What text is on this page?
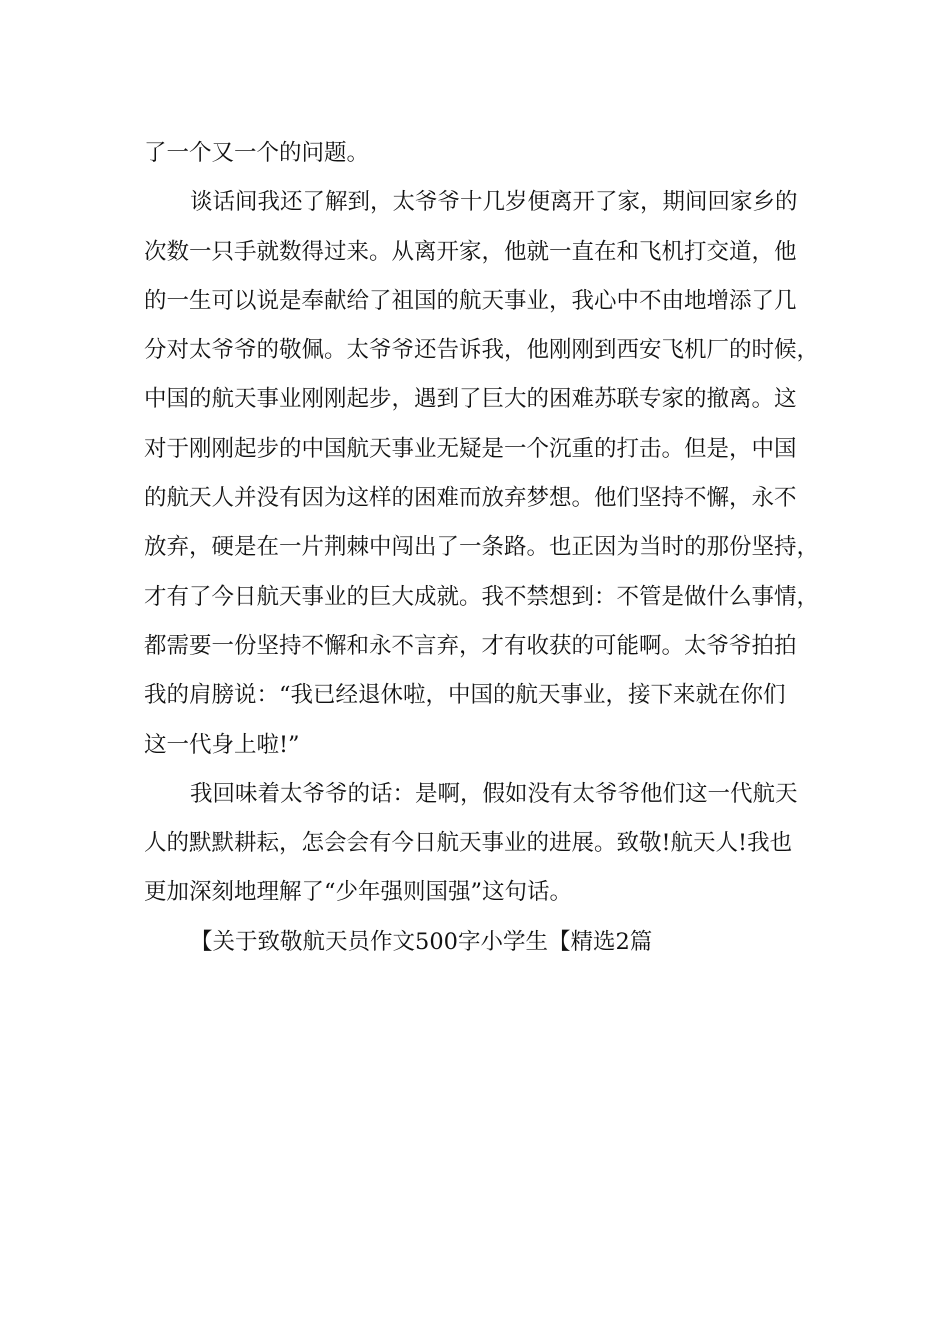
了一个又一个的问题。
谈话间我还了解到，太爷爷十几岁便离开了家，期间回家乡的
次数一只手就数得过来。从离开家，他就一直在和飞机打交道，他
的一生可以说是奉献给了祖国的航天事业，我心中不由地增添了几
分对太爷爷的敬佩。太爷爷还告诉我，他刚刚到西安飞机厂的时候，
中国的航天事业刚刚起步，遇到了巨大的困难苏联专家的撤离。这
对于刚刚起步的中国航天事业无疑是一个沉重的打击。但是，中国
的航天人并没有因为这样的困难而放弃梦想。他们坚持不懈，永不
放弃，硬是在一片荆棘中闯出了一条路。也正因为当时的那份坚持，
才有了今日航天事业的巨大成就。我不禁想到：不管是做什么事情，
都需要一份坚持不懈和永不言弃，才有收获的可能啊。太爷爷拍拍
我的肩膀说：“我已经退休啦，中国的航天事业，接下来就在你们
这一代身上啦!”
我回味着太爷爷的话：是啊，假如没有太爷爷他们这一代航天
人的默默耕耘，怎会会有今日航天事业的进展。致敬!航天人!我也
更加深刻地理解了“少年强则国强”这句话。
【关于致敬航天员作文500字小学生【精选2篇
